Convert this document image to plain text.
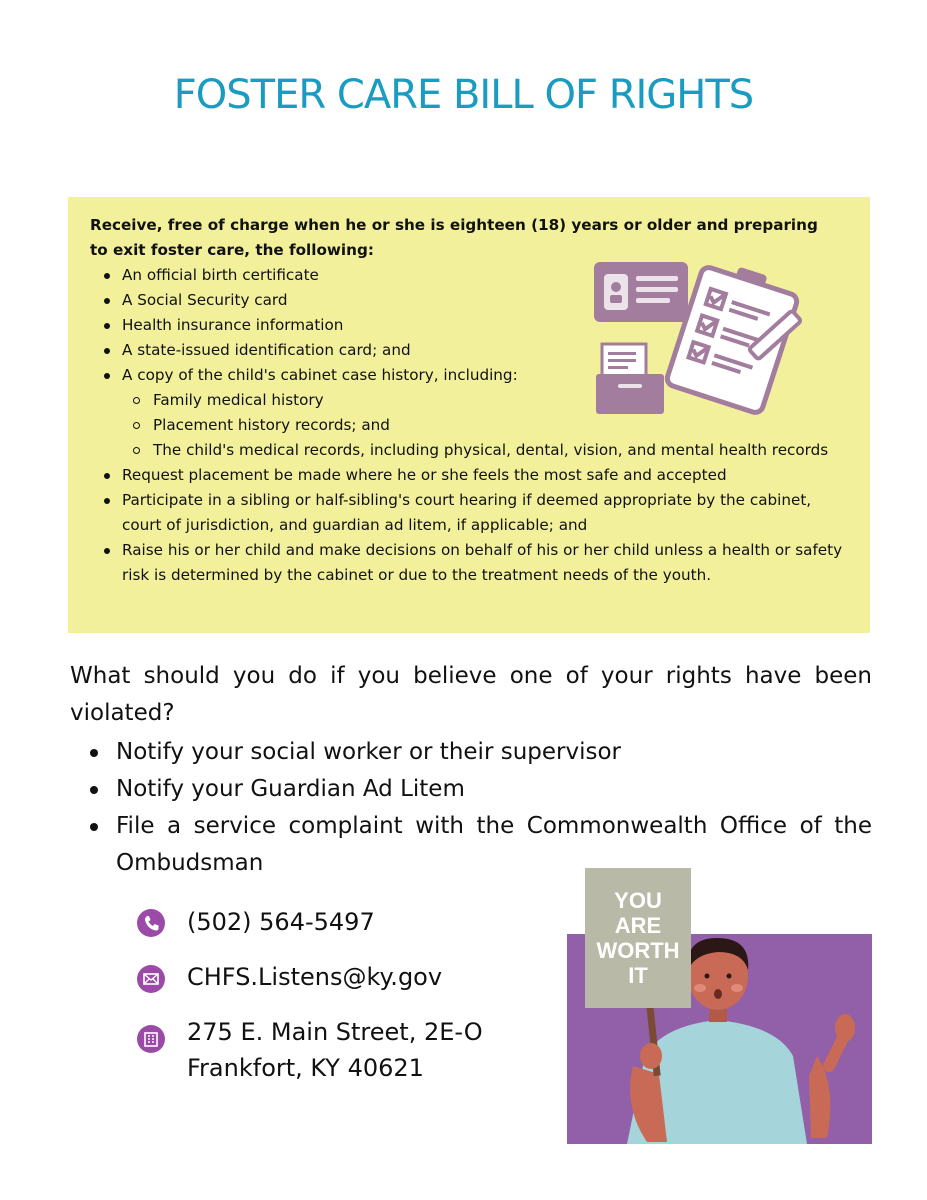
FOSTER CARE BILL OF RIGHTS
Receive, free of charge when he or she is eighteen (18) years or older and preparing to exit foster care, the following:
An official birth certificate
A Social Security card
Health insurance information
A state-issued identification card; and
A copy of the child's cabinet case history, including:
Family medical history
Placement history records; and
The child's medical records, including physical, dental, vision, and mental health records
Request placement be made where he or she feels the most safe and accepted
Participate in a sibling or half-sibling's court hearing if deemed appropriate by the cabinet, court of jurisdiction, and guardian ad litem, if applicable; and
Raise his or her child and make decisions on behalf of his or her child unless a health or safety risk is determined by the cabinet or due to the treatment needs of the youth.
What should you do if you believe one of your rights have been violated?
Notify your social worker or their supervisor
Notify your Guardian Ad Litem
File a service complaint with the Commonwealth Office of the Ombudsman
(502) 564-5497
CHFS.Listens@ky.gov
275 E. Main Street, 2E-O
Frankfort, KY 40621
YOU
ARE
WORTH
IT
